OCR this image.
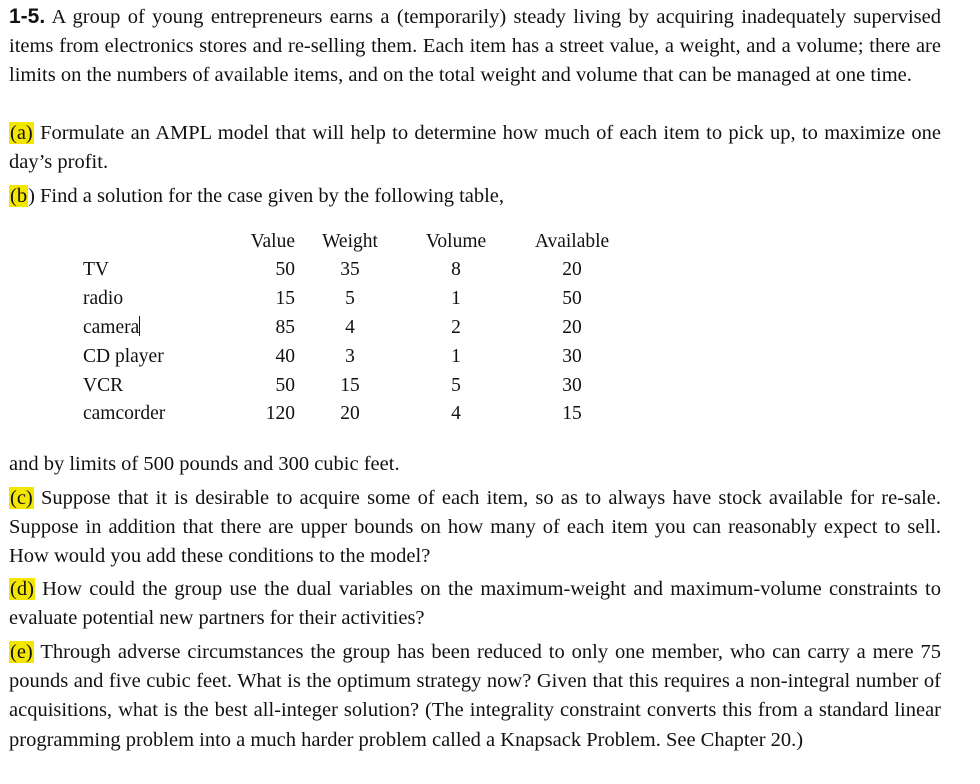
1-5. A group of young entrepreneurs earns a (temporarily) steady living by acquiring inadequately supervised items from electronics stores and re-selling them. Each item has a street value, a weight, and a volume; there are limits on the numbers of available items, and on the total weight and volume that can be managed at one time.

(a) Formulate an AMPL model that will help to determine how much of each item to pick up, to maximize one day’s profit.

(b) Find a solution for the case given by the following table,

	Value	Weight	Volume	Available
TV	50	35	8	20
radio	15	5	1	50
camera	85	4	2	20
CD player	40	3	1	30
VCR	50	15	5	30
camcorder	120	20	4	15

and by limits of 500 pounds and 300 cubic feet.

(c) Suppose that it is desirable to acquire some of each item, so as to always have stock available for re-sale. Suppose in addition that there are upper bounds on how many of each item you can reasonably expect to sell. How would you add these conditions to the model?

(d) How could the group use the dual variables on the maximum-weight and maximum-volume constraints to evaluate potential new partners for their activities?

(e) Through adverse circumstances the group has been reduced to only one member, who can carry a mere 75 pounds and five cubic feet. What is the optimum strategy now? Given that this requires a non-integral number of acquisitions, what is the best all-integer solution? (The integrality constraint converts this from a standard linear programming problem into a much harder problem called a Knapsack Problem. See Chapter 20.)
